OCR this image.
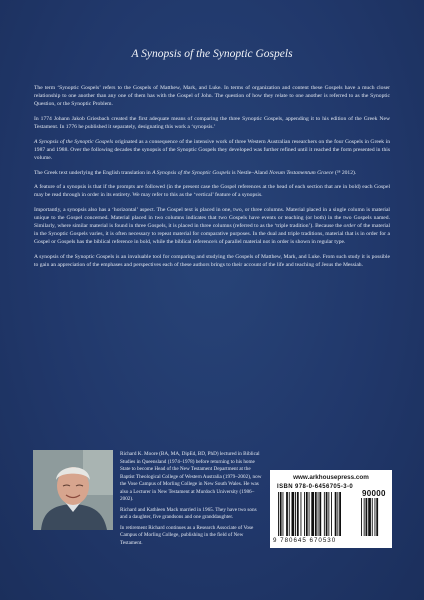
A Synopsis of the Synoptic Gospels

The term ‘Synoptic Gospels’ refers to the Gospels of Matthew, Mark, and Luke. In terms of organization and content these Gospels have a much closer relationship to one another than any one of them has with the Gospel of John. The question of how they relate to one another is referred to as the Synoptic Question, or the Synoptic Problem.

In 1774 Johann Jakob Griesbach created the first adequate means of comparing the three Synoptic Gospels, appending it to his edition of the Greek New Testament. In 1776 he published it separately, designating this work a ‘synopsis.’

A Synopsis of the Synoptic Gospels originated as a consequence of the intensive work of three Western Australian researchers on the four Gospels in Greek in 1987 and 1988. Over the following decades the synopsis of the Synoptic Gospels they developed was further refined until it reached the form presented in this volume.

The Greek text underlying the English translation in A Synopsis of the Synoptic Gospels is Nestle–Aland Novum Testamentum Graece (²⁸ 2012).

A feature of a synopsis is that if the prompts are followed (in the present case the Gospel references at the head of each section that are in bold) each Gospel may be read through in order in its entirety. We may refer to this as the ‘vertical’ feature of a synopsis.

Importantly, a synopsis also has a ‘horizontal’ aspect. The Gospel text is placed in one, two, or three columns. Material placed in a single column is material unique to the Gospel concerned. Material placed in two columns indicates that two Gospels have events or teaching (or both) in the two Gospels named. Similarly, where similar material is found in three Gospels, it is placed in three columns (referred to as the ‘triple tradition’). Because the order of the material in the Synoptic Gospels varies, it is often necessary to repeat material for comparative purposes. In the dual and triple traditions, material that is in order for a Gospel or Gospels has the biblical reference in bold, while the biblical reference/s of parallel material not in order is shown in regular type.

A synopsis of the Synoptic Gospels is an invaluable tool for comparing and studying the Gospels of Matthew, Mark, and Luke. From such study it is possible to gain an appreciation of the emphases and perspectives each of these authors brings to their account of the life and teaching of Jesus the Messiah.

Richard K. Moore (BA, MA, DipEd, BD, PhD) lectured in Biblical Studies in Queensland (1974–1978) before returning to his home State to become Head of the New Testament Department at the Baptist Theological College of Western Australia (1979–2002), now the Vose Campus of Morling College in New South Wales. He was also a Lecturer in New Testament at Murdoch University (1986–2002).

Richard and Kathleen Mack married in 1965. They have two sons and a daughter, five grandsons and one granddaughter.

In retirement Richard continues as a Research Associate of Vose Campus of Morling College, publishing in the field of New Testament.

www.arkhousepress.com
ISBN 978-0-6456705-3-0
90000
9 780645 670530
